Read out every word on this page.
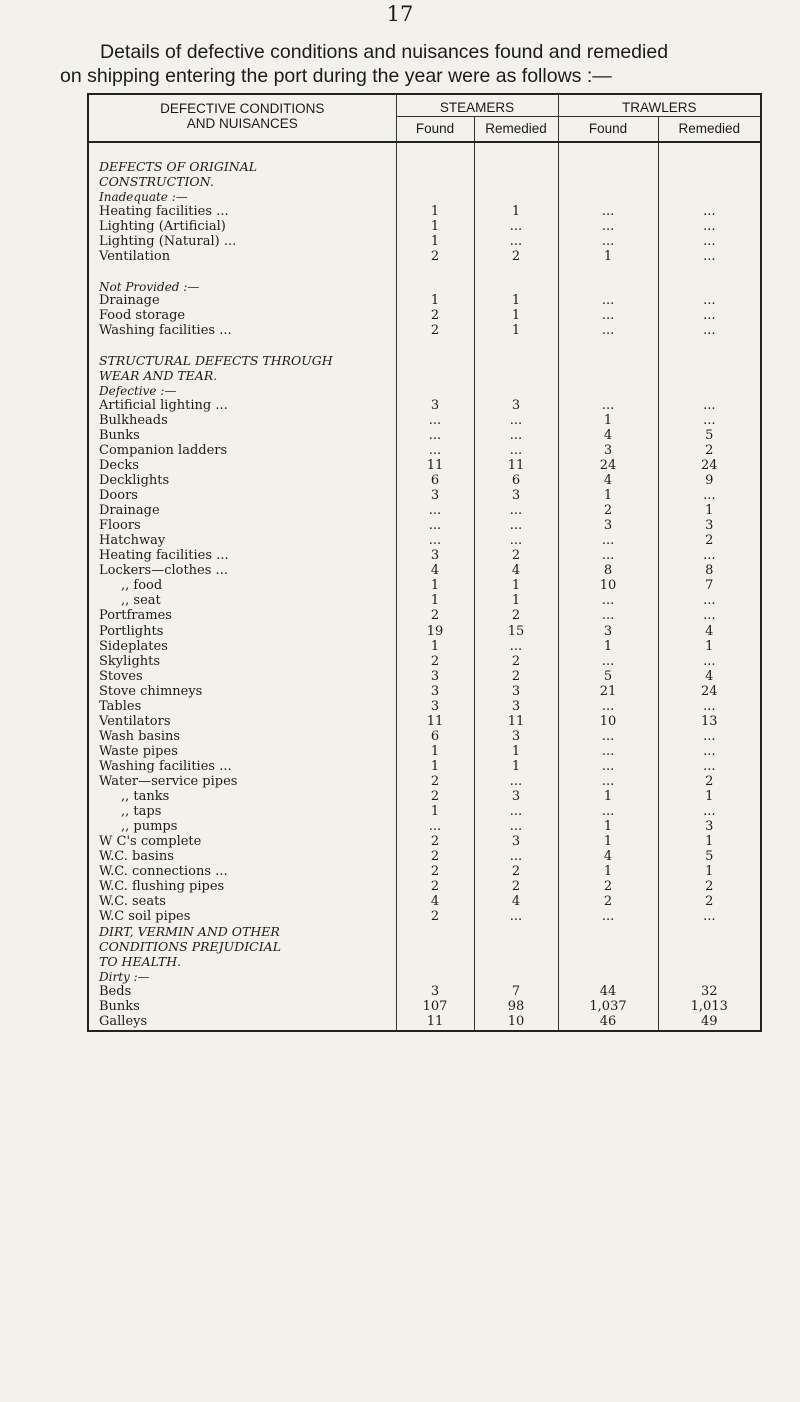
17
Details of defective conditions and nuisances found and remedied
on shipping entering the port during the year were as follows :—
DEFECTIVE CONDITIONS
AND NUISANCES	STEAMERS		TRAWLERS	
	Found	Remedied	Found	Remedied

DEFECTS OF ORIGINAL				
CONSTRUCTION.				
Inadequate :—				
Heating facilities ...	1	1	...	...
Lighting (Artificial)	1	...	...	...
Lighting (Natural) ...	1	...	...	...
Ventilation	2	2	1	...

Not Provided :—				
Drainage	1	1	...	...
Food storage	2	1	...	...
Washing facilities ...	2	1	...	...

STRUCTURAL DEFECTS THROUGH				
WEAR AND TEAR.				
Defective :—				
Artificial lighting ...	3	3	...	...
Bulkheads	...	...	1	...
Bunks	...	...	4	5
Companion ladders	...	...	3	2
Decks	11	11	24	24
Decklights	6	6	4	9
Doors	3	3	1	...
Drainage	...	...	2	1
Floors	...	...	3	3
Hatchway	...	...	...	2
Heating facilities ...	3	2	...	...
Lockers—clothes ...	4	4	8	8
,, food	1	1	10	7
,, seat	1	1	...	...
Portframes	2	2	...	...
Portlights	19	15	3	4
Sideplates	1	...	1	1
Skylights	2	2	...	...
Stoves	3	2	5	4
Stove chimneys	3	3	21	24
Tables	3	3	...	...
Ventilators	11	11	10	13
Wash basins	6	3	...	...
Waste pipes	1	1	...	...
Washing facilities ...	1	1	...	...
Water—service pipes	2	...	...	2
,, tanks	2	3	1	1
,, taps	1	...	...	...
,, pumps	...	...	1	3
W C's complete	2	3	1	1
W.C. basins	2	...	4	5
W.C. connections ...	2	2	1	1
W.C. flushing pipes	2	2	2	2
W.C. seats	4	4	2	2
W.C soil pipes	2	...	...	...
DIRT, VERMIN AND OTHER				
CONDITIONS PREJUDICIAL				
TO HEALTH.				
Dirty :—				
Beds	3	7	44	32
Bunks	107	98	1,037	1,013
Galleys	11	10	46	49
